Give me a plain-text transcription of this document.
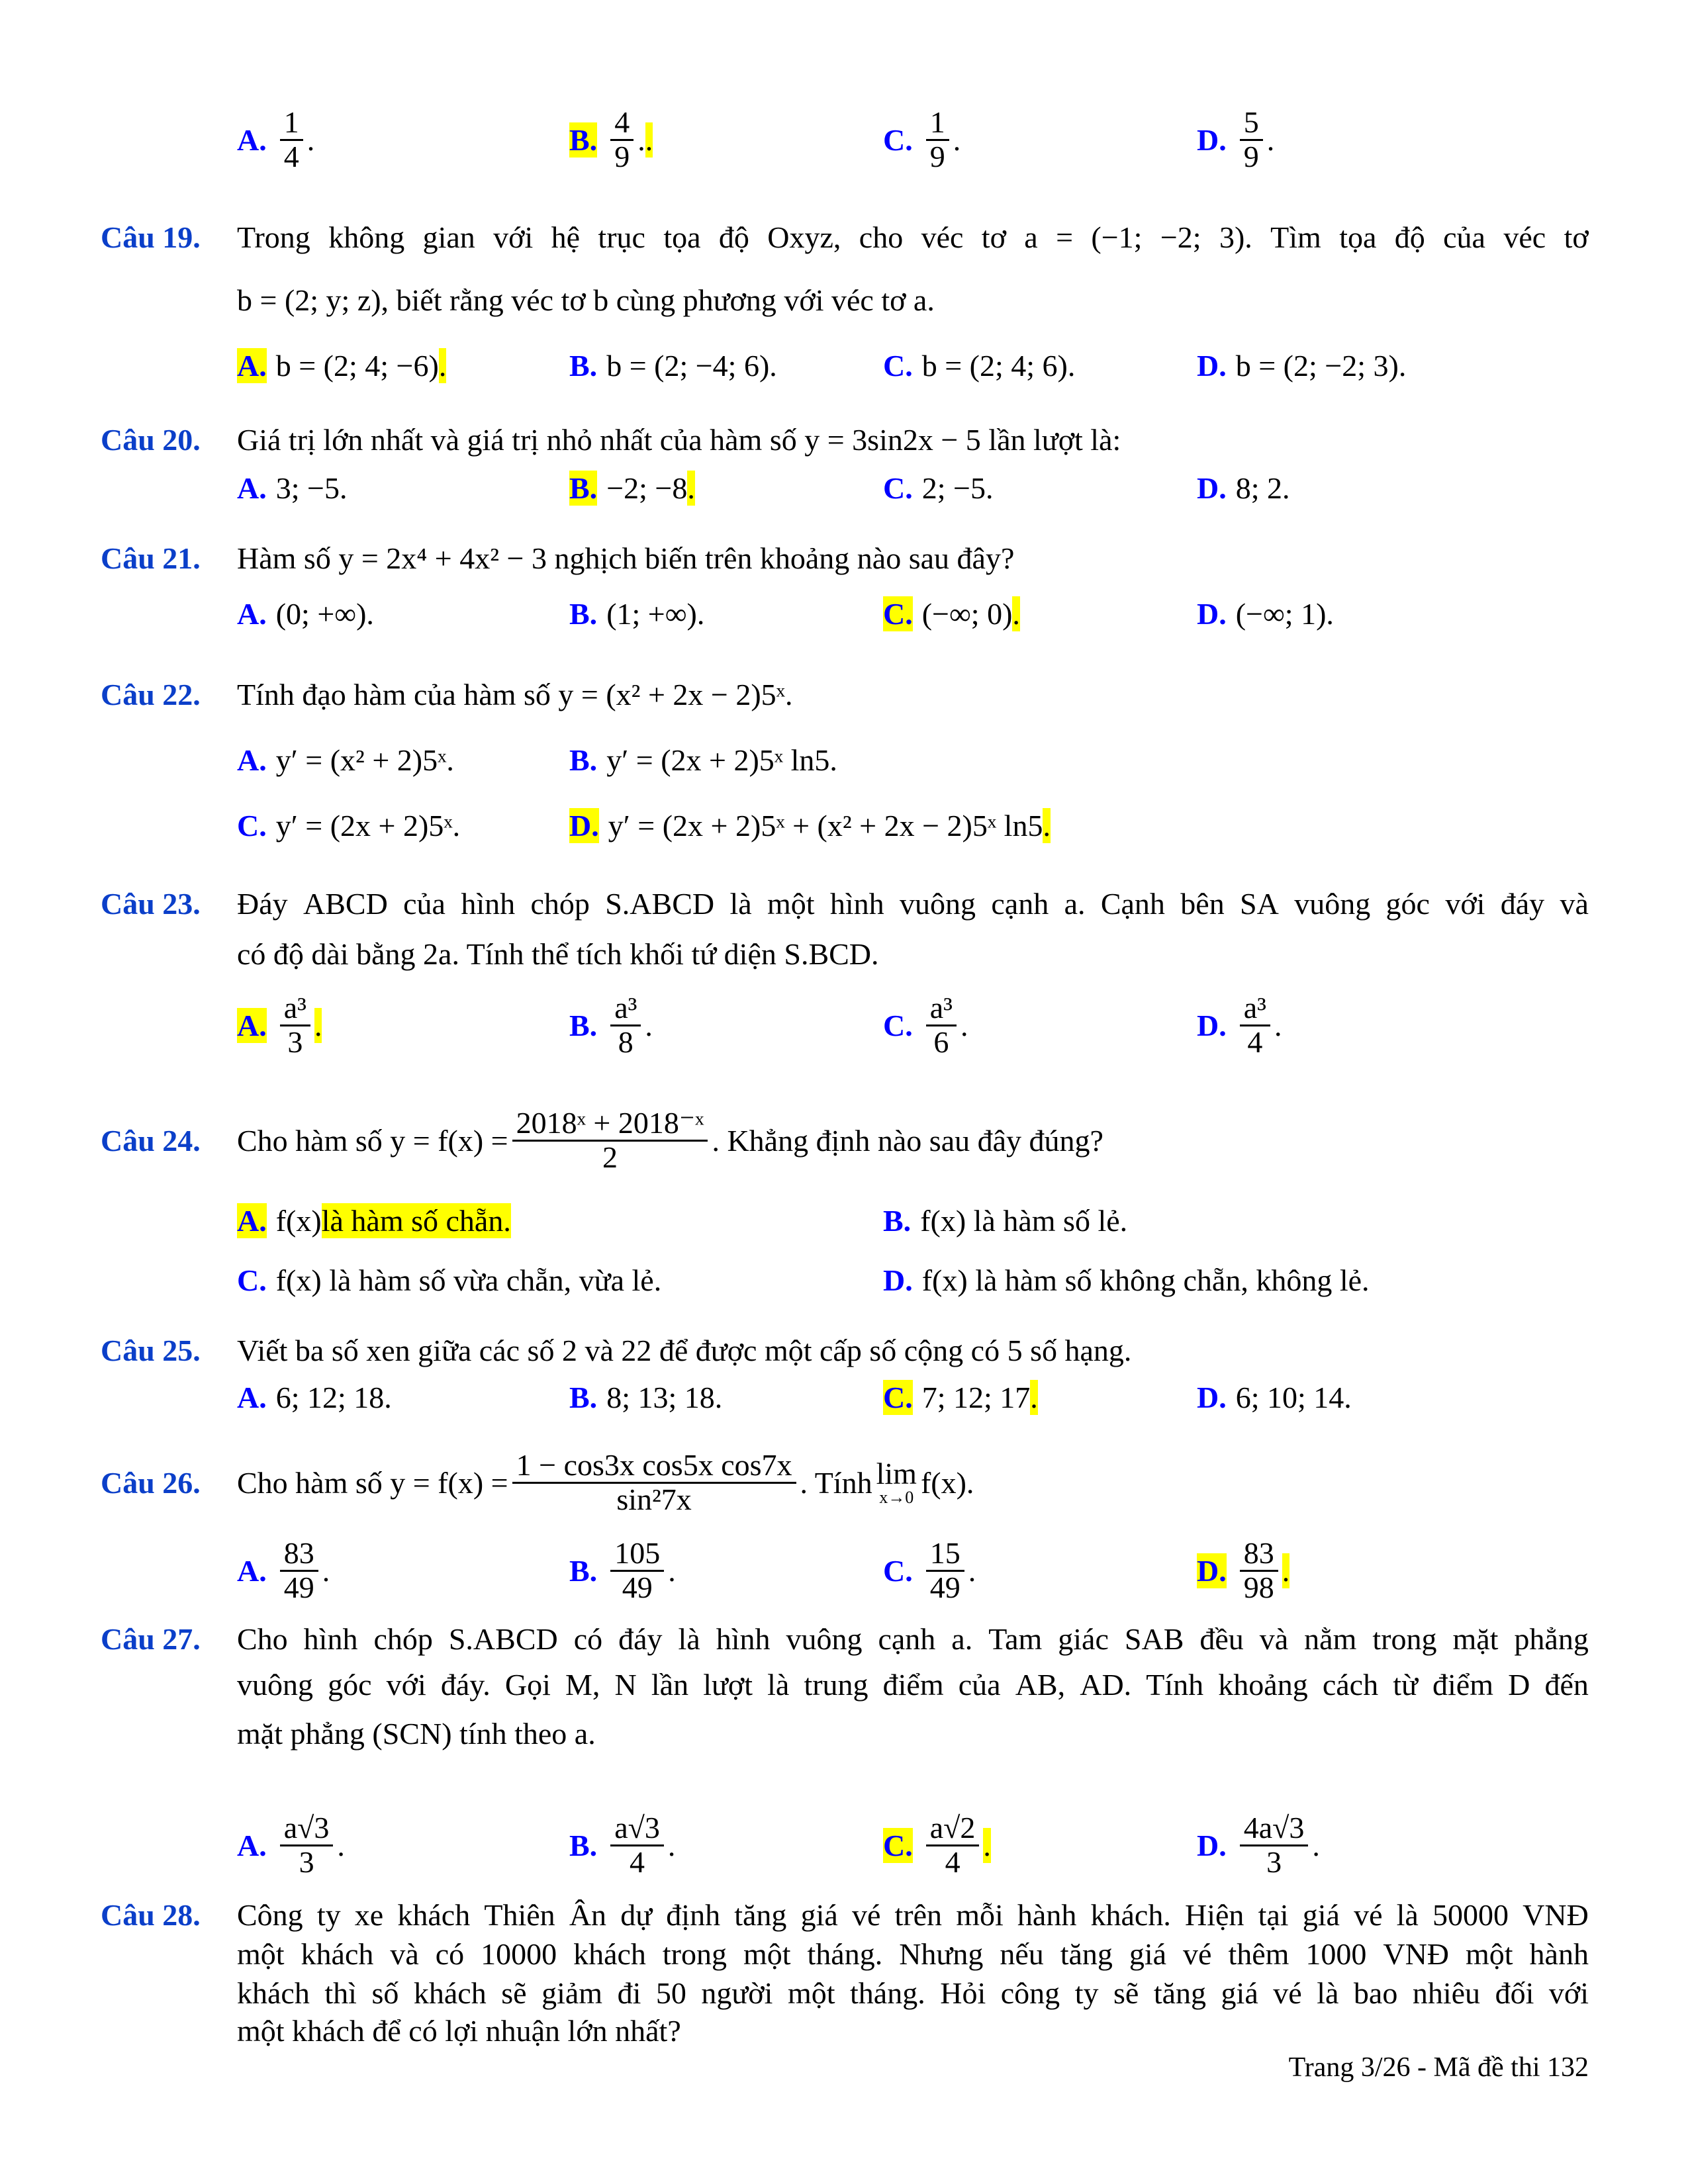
A. $\frac{1}{4}$ .	B. $\frac{4}{9}$ . .	C. $\frac{1}{9}$ .	D. $\frac{5}{9}$ .
Câu 19. Trong không gian với hệ trục tọa độ Oxyz, cho véc tơ a = (−1; −2; 3). Tìm tọa độ của véc tơ
b = (2; y; z), biết rằng véc tơ b cùng phương với véc tơ a.
A. b = (2; 4; −6) .	B. b = (2; −4; 6).	C. b = (2; 4; 6).	D. b = (2; −2; 3).
Câu 20. Giá trị lớn nhất và giá trị nhỏ nhất của hàm số y = 3sin2x − 5 lần lượt là:
A. 3; −5.	B. −2; −8 .	C. 2; −5.	D. 8; 2.
Câu 21. Hàm số y = 2x⁴ + 4x² − 3 nghịch biến trên khoảng nào sau đây?
A. (0; +∞).	B. (1; +∞).	C. (−∞; 0) .	D. (−∞; 1).
Câu 22. Tính đạo hàm của hàm số y = (x² + 2x − 2)5ˣ.
A. y′ = (x² + 2)5ˣ.	B. y′ = (2x + 2)5ˣ ln5.
C. y′ = (2x + 2)5ˣ.	D. y′ = (2x + 2)5ˣ + (x² + 2x − 2)5ˣ ln5 .
Câu 23. Đáy ABCD của hình chóp S.ABCD là một hình vuông cạnh a. Cạnh bên SA vuông góc với đáy và
có độ dài bằng 2a. Tính thể tích khối tứ diện S.BCD.
A. $\frac{\text{a³}}{3}$ .	B. $\frac{\text{a³}}{8}$ .	C. $\frac{\text{a³}}{6}$ .	D. $\frac{\text{a³}}{4}$ .
Câu 24. Cho hàm số $y = f(x) = \frac{\text{2018ˣ + 2018⁻ˣ}}{2}$ . Khẳng định nào sau đây đúng?
A. f(x) là hàm số chẵn.	B. f(x) là hàm số lẻ.
C. f(x) là hàm số vừa chẵn, vừa lẻ.	D. f(x) là hàm số không chẵn, không lẻ.
Câu 25. Viết ba số xen giữa các số 2 và 22 để được một cấp số cộng có 5 số hạng.
A. 6; 12; 18.	B. 8; 13; 18.	C. 7; 12; 17 .	D. 6; 10; 14.
Câu 26. Cho hàm số $y = f(x) = \frac{\text{1 − cos3x cos5x cos7x}}{\text{sin²7x}}$ . Tính lim
x→0 f(x).
A. $\frac{83}{49}$ .	B. $\frac{105}{49}$ .	C. $\frac{15}{49}$ .	D. $\frac{83}{98}$ .
Câu 27. Cho hình chóp S.ABCD có đáy là hình vuông cạnh a. Tam giác SAB đều và nằm trong mặt phẳng
vuông góc với đáy. Gọi M, N lần lượt là trung điểm của AB, AD. Tính khoảng cách từ điểm D đến
mặt phẳng (SCN) tính theo a.
A. $\frac{a√3}{3}$ .	B. $\frac{a√3}{4}$ .	C. $\frac{a√2}{4}$ .	D. $\frac{4a√3}{3}$ .
Câu 28. Công ty xe khách Thiên Ân dự định tăng giá vé trên mỗi hành khách. Hiện tại giá vé là 50000 VNĐ
một khách và có 10000 khách trong một tháng. Nhưng nếu tăng giá vé thêm 1000 VNĐ một hành
khách thì số khách sẽ giảm đi 50 người một tháng. Hỏi công ty sẽ tăng giá vé là bao nhiêu đối với
một khách để có lợi nhuận lớn nhất?
Trang 3/26 - Mã đề thi 132
